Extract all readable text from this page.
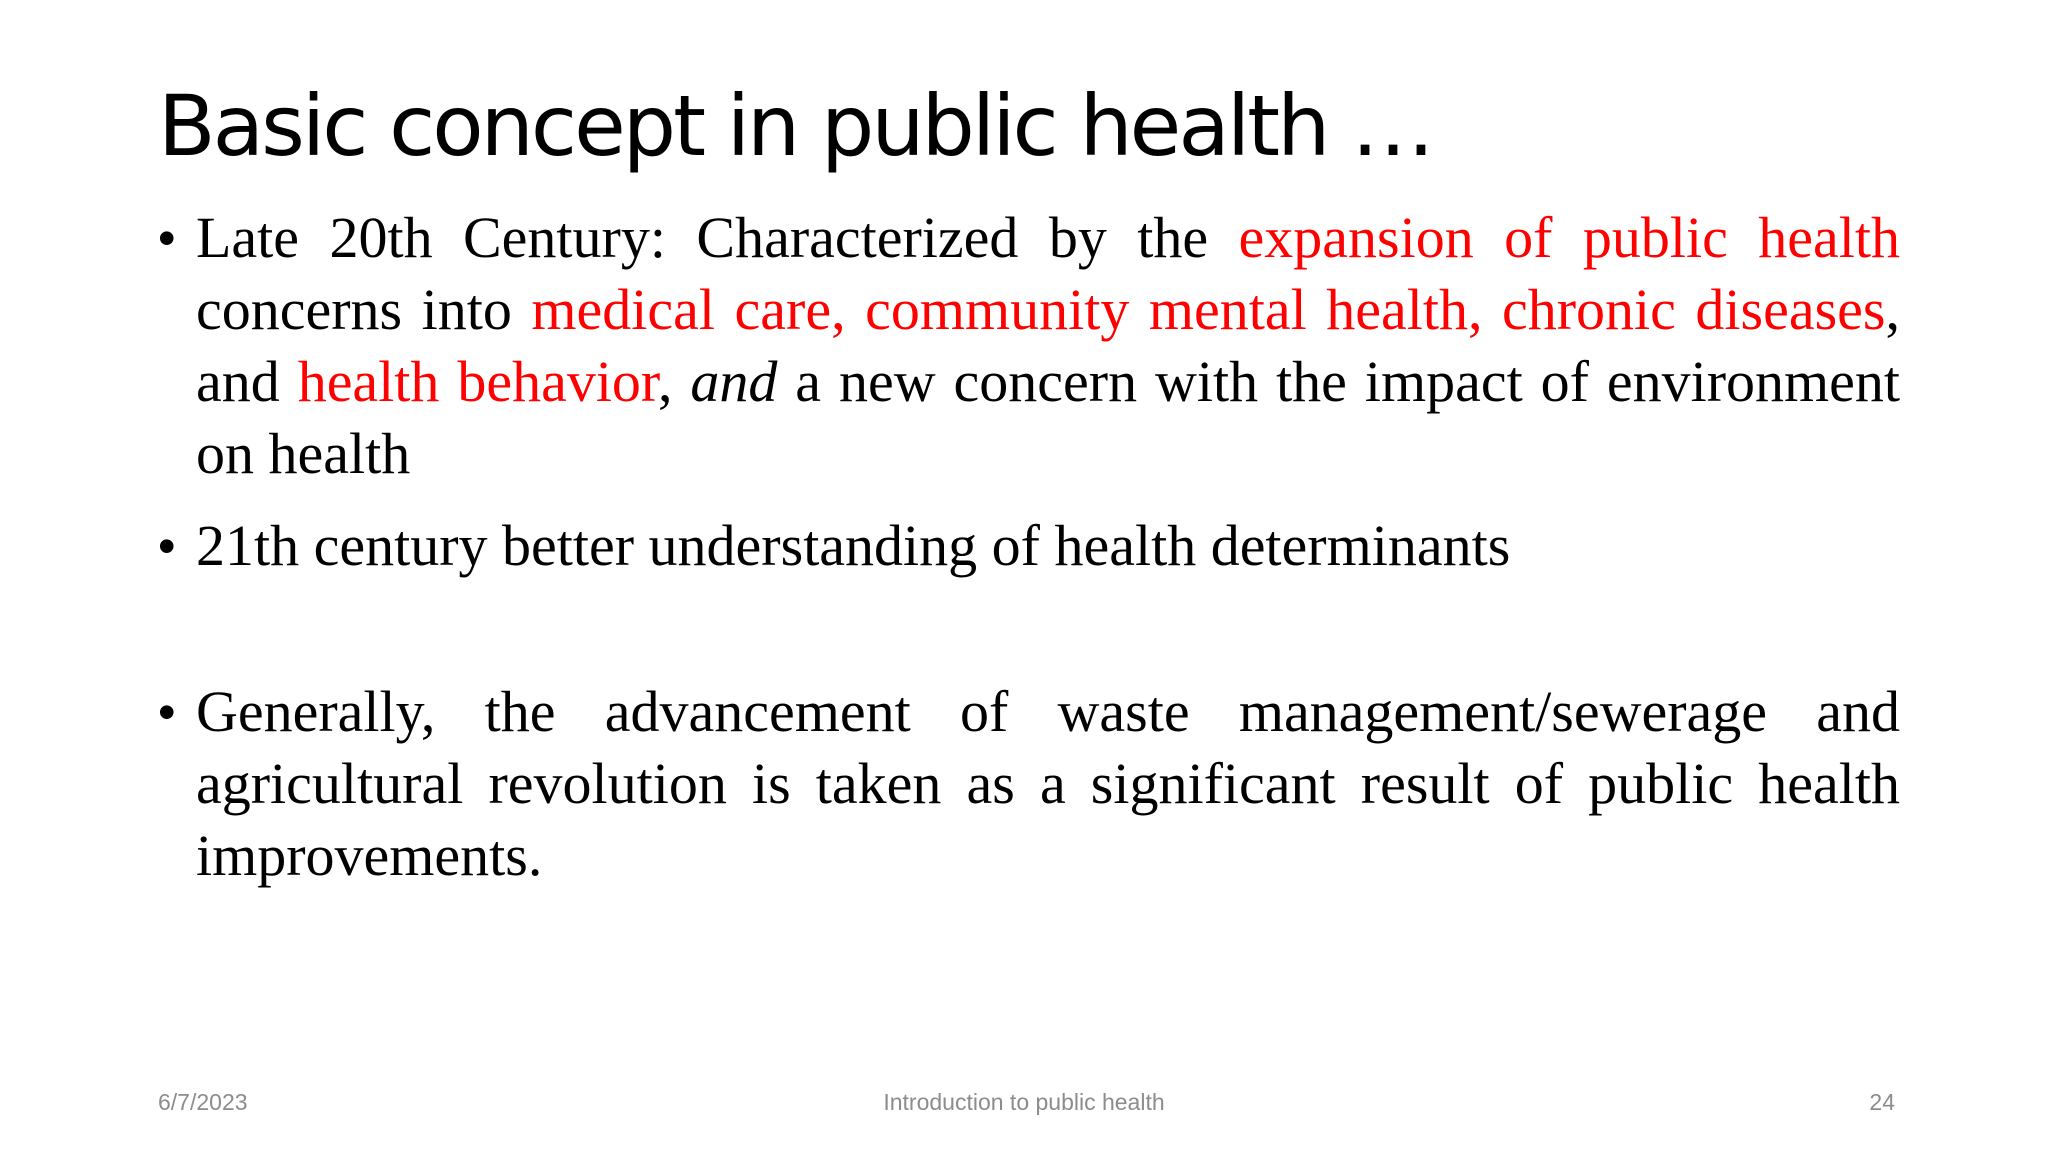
Basic concept in public health …
• Late 20th Century: Characterized by the expansion of public health concerns into medical care, community mental health, chronic diseases, and health behavior, and a new concern with the impact of environment on health
• 21th century better understanding of health determinants
• Generally, the advancement of waste management/sewerage and agricultural revolution is taken as a significant result of public health improvements.
6/7/2023	Introduction to public health	24
